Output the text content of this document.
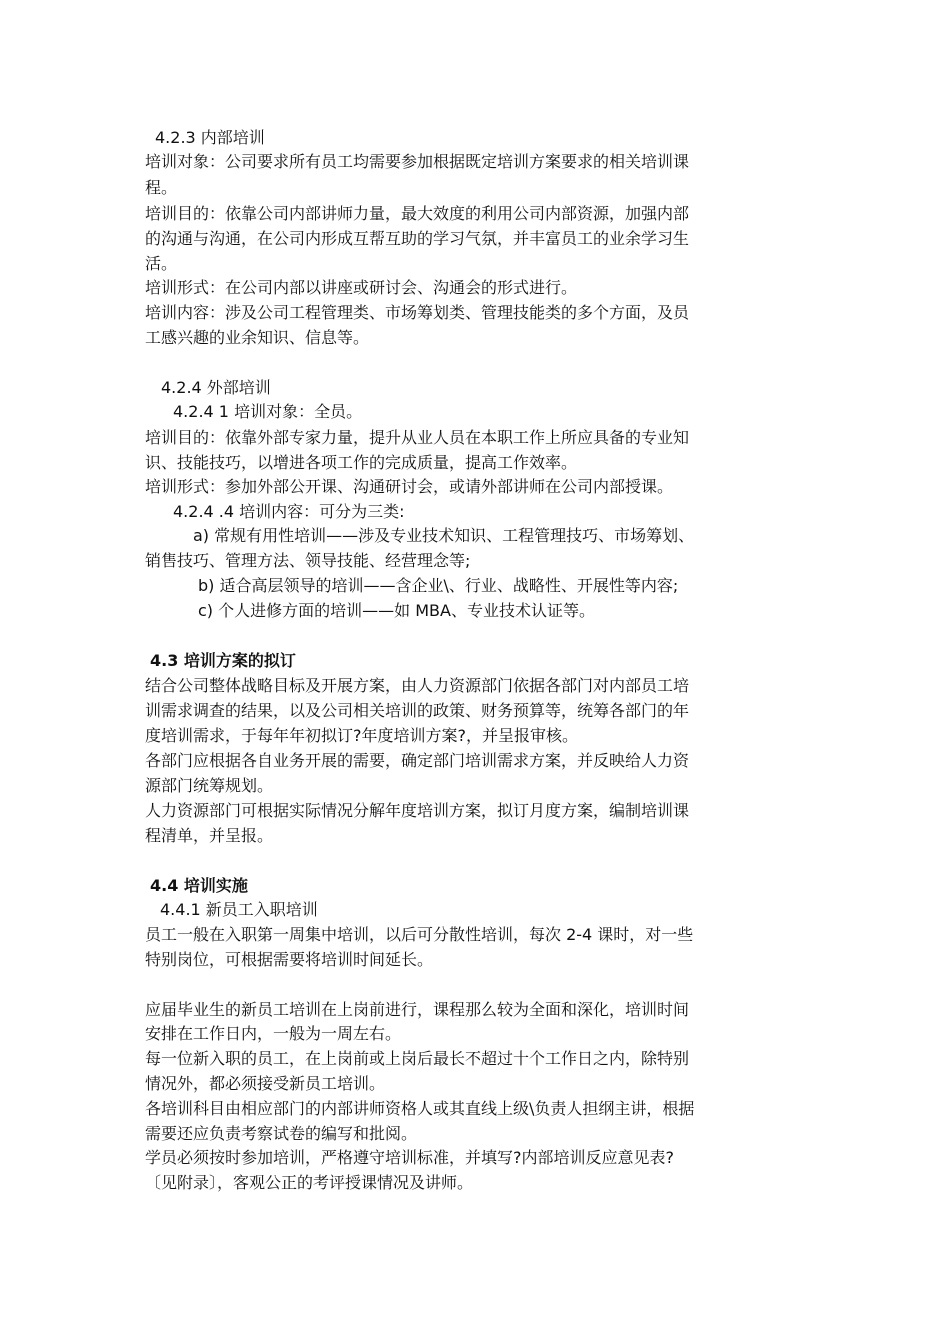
4.2.3 内部培训
培训对象：公司要求所有员工均需要参加根据既定培训方案要求的相关培训课
程。
培训目的：依靠公司内部讲师力量，最大效度的利用公司内部资源，加强内部
的沟通与沟通，在公司内形成互帮互助的学习气氛，并丰富员工的业余学习生
活。
培训形式：在公司内部以讲座或研讨会、沟通会的形式进行。
培训内容：涉及公司工程管理类、市场筹划类、管理技能类的多个方面，及员
工感兴趣的业余知识、信息等。
4.2.4 外部培训
4.2.4 1 培训对象：全员。
培训目的：依靠外部专家力量，提升从业人员在本职工作上所应具备的专业知
识、技能技巧，以增进各项工作的完成质量，提高工作效率。
培训形式：参加外部公开课、沟通研讨会，或请外部讲师在公司内部授课。
4.2.4 .4 培训内容：可分为三类:
a) 常规有用性培训——涉及专业技术知识、工程管理技巧、市场筹划、
销售技巧、管理方法、领导技能、经营理念等;
b) 适合高层领导的培训——含企业\、行业、战略性、开展性等内容;
c) 个人进修方面的培训——如 MBA、专业技术认证等。
4.3 培训方案的拟订
结合公司整体战略目标及开展方案，由人力资源部门依据各部门对内部员工培
训需求调查的结果，以及公司相关培训的政策、财务预算等，统筹各部门的年
度培训需求，于每年年初拟订?年度培训方案?，并呈报审核。
各部门应根据各自业务开展的需要，确定部门培训需求方案，并反映给人力资
源部门统筹规划。
人力资源部门可根据实际情况分解年度培训方案，拟订月度方案，编制培训课
程清单，并呈报。
4.4 培训实施
4.4.1 新员工入职培训
员工一般在入职第一周集中培训，以后可分散性培训，每次 2-4 课时，对一些
特别岗位，可根据需要将培训时间延长。
应届毕业生的新员工培训在上岗前进行，课程那么较为全面和深化，培训时间
安排在工作日内，一般为一周左右。
每一位新入职的员工，在上岗前或上岗后最长不超过十个工作日之内，除特别
情况外，都必须接受新员工培训。
各培训科目由相应部门的内部讲师资格人或其直线上级\负责人担纲主讲，根据
需要还应负责考察试卷的编写和批阅。
学员必须按时参加培训，严格遵守培训标准，并填写?内部培训反应意见表?
〔见附录〕，客观公正的考评授课情况及讲师。
